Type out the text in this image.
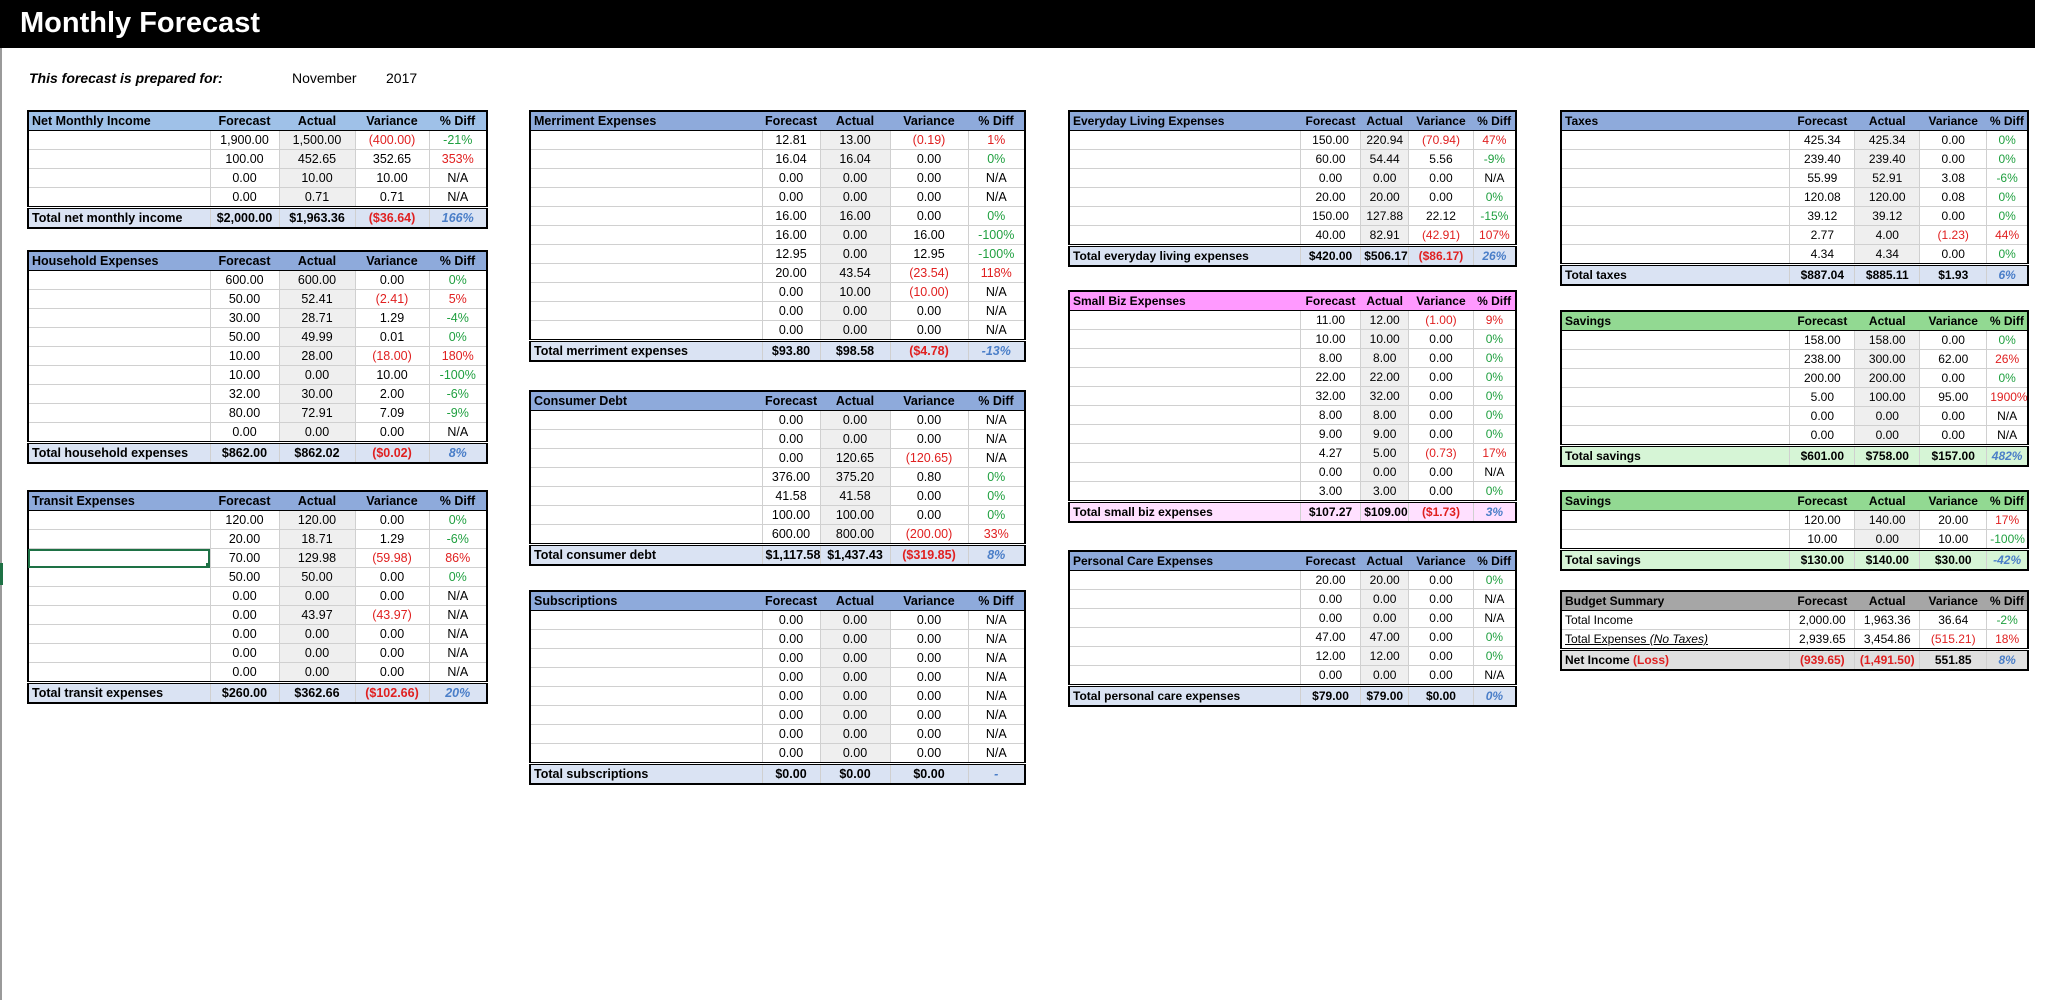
Monthly Forecast
This forecast is prepared for:	November 2017
Net Monthly Income	Forecast	Actual	Variance	% Diff
	1,900.00	1,500.00	(400.00)	-21%
	100.00	452.65	352.65	353%
	0.00	10.00	10.00	N/A
	0.00	0.71	0.71	N/A
Total net monthly income	$2,000.00	$1,963.36	($36.64)	166%
Household Expenses	Forecast	Actual	Variance	% Diff
	600.00	600.00	0.00	0%
	50.00	52.41	(2.41)	5%
	30.00	28.71	1.29	-4%
	50.00	49.99	0.01	0%
	10.00	28.00	(18.00)	180%
	10.00	0.00	10.00	-100%
	32.00	30.00	2.00	-6%
	80.00	72.91	7.09	-9%
	0.00	0.00	0.00	N/A
Total household expenses	$862.00	$862.02	($0.02)	8%
Transit Expenses	Forecast	Actual	Variance	% Diff
	120.00	120.00	0.00	0%
	20.00	18.71	1.29	-6%
	70.00	129.98	(59.98)	86%
	50.00	50.00	0.00	0%
	0.00	0.00	0.00	N/A
	0.00	43.97	(43.97)	N/A
	0.00	0.00	0.00	N/A
	0.00	0.00	0.00	N/A
	0.00	0.00	0.00	N/A
Total transit expenses	$260.00	$362.66	($102.66)	20%
Merriment Expenses	Forecast	Actual	Variance	% Diff
	12.81	13.00	(0.19)	1%
	16.04	16.04	0.00	0%
	0.00	0.00	0.00	N/A
	0.00	0.00	0.00	N/A
	16.00	16.00	0.00	0%
	16.00	0.00	16.00	-100%
	12.95	0.00	12.95	-100%
	20.00	43.54	(23.54)	118%
	0.00	10.00	(10.00)	N/A
	0.00	0.00	0.00	N/A
	0.00	0.00	0.00	N/A
Total merriment expenses	$93.80	$98.58	($4.78)	-13%
Consumer Debt	Forecast	Actual	Variance	% Diff
	0.00	0.00	0.00	N/A
	0.00	0.00	0.00	N/A
	0.00	120.65	(120.65)	N/A
	376.00	375.20	0.80	0%
	41.58	41.58	0.00	0%
	100.00	100.00	0.00	0%
	600.00	800.00	(200.00)	33%
Total consumer debt	$1,117.58	$1,437.43	($319.85)	8%
Subscriptions	Forecast	Actual	Variance	% Diff
	0.00	0.00	0.00	N/A
	0.00	0.00	0.00	N/A
	0.00	0.00	0.00	N/A
	0.00	0.00	0.00	N/A
	0.00	0.00	0.00	N/A
	0.00	0.00	0.00	N/A
	0.00	0.00	0.00	N/A
	0.00	0.00	0.00	N/A
Total subscriptions	$0.00	$0.00	$0.00	-
Everyday Living Expenses	Forecast	Actual	Variance	% Diff
	150.00	220.94	(70.94)	47%
	60.00	54.44	5.56	-9%
	0.00	0.00	0.00	N/A
	20.00	20.00	0.00	0%
	150.00	127.88	22.12	-15%
	40.00	82.91	(42.91)	107%
Total everyday living expenses	$420.00	$506.17	($86.17)	26%
Small Biz Expenses	Forecast	Actual	Variance	% Diff
	11.00	12.00	(1.00)	9%
	10.00	10.00	0.00	0%
	8.00	8.00	0.00	0%
	22.00	22.00	0.00	0%
	32.00	32.00	0.00	0%
	8.00	8.00	0.00	0%
	9.00	9.00	0.00	0%
	4.27	5.00	(0.73)	17%
	0.00	0.00	0.00	N/A
	3.00	3.00	0.00	0%
Total small biz expenses	$107.27	$109.00	($1.73)	3%
Personal Care Expenses	Forecast	Actual	Variance	% Diff
	20.00	20.00	0.00	0%
	0.00	0.00	0.00	N/A
	0.00	0.00	0.00	N/A
	47.00	47.00	0.00	0%
	12.00	12.00	0.00	0%
	0.00	0.00	0.00	N/A
Total personal care expenses	$79.00	$79.00	$0.00	0%
Taxes	Forecast	Actual	Variance	% Diff
	425.34	425.34	0.00	0%
	239.40	239.40	0.00	0%
	55.99	52.91	3.08	-6%
	120.08	120.00	0.08	0%
	39.12	39.12	0.00	0%
	2.77	4.00	(1.23)	44%
	4.34	4.34	0.00	0%
Total taxes	$887.04	$885.11	$1.93	6%
Savings	Forecast	Actual	Variance	% Diff
	158.00	158.00	0.00	0%
	238.00	300.00	62.00	26%
	200.00	200.00	0.00	0%
	5.00	100.00	95.00	1900%
	0.00	0.00	0.00	N/A
	0.00	0.00	0.00	N/A
Total savings	$601.00	$758.00	$157.00	482%
Savings	Forecast	Actual	Variance	% Diff
	120.00	140.00	20.00	17%
	10.00	0.00	10.00	-100%
Total savings	$130.00	$140.00	$30.00	-42%
Budget Summary	Forecast	Actual	Variance	% Diff
Total Income	2,000.00	1,963.36	36.64	-2%
Total Expenses (No Taxes)	2,939.65	3,454.86	(515.21)	18%
Net Income (Loss)	(939.65)	(1,491.50)	551.85	8%
